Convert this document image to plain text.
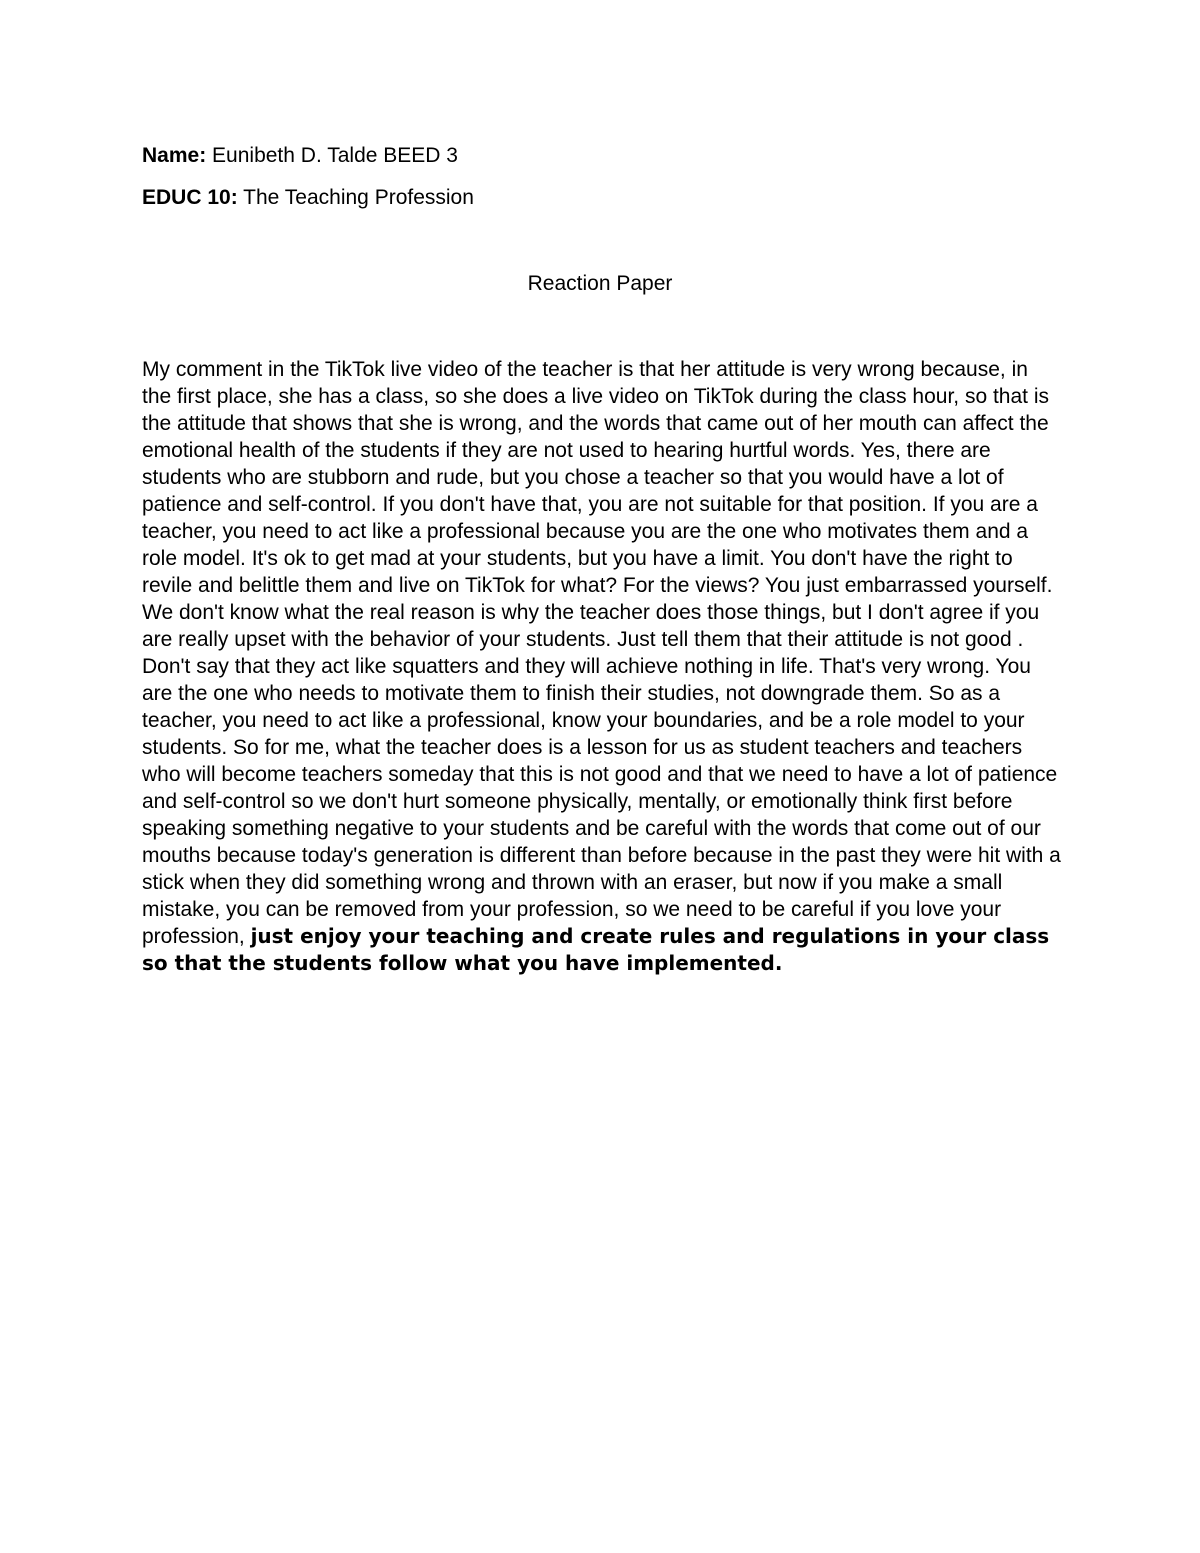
Name: Eunibeth D. Talde BEED 3
EDUC 10: The Teaching Profession
Reaction Paper

My comment in the TikTok live video of the teacher is that her attitude is very wrong because, in the first place, she has a class, so she does a live video on TikTok during the class hour, so that is the attitude that shows that she is wrong, and the words that came out of her mouth can affect the emotional health of the students if they are not used to hearing hurtful words. Yes, there are students who are stubborn and rude, but you chose a teacher so that you would have a lot of patience and self-control. If you don't have that, you are not suitable for that position. If you are a teacher, you need to act like a professional because you are the one who motivates them and a role model. It's ok to get mad at your students, but you have a limit. You don't have the right to revile and belittle them and live on TikTok for what? For the views? You just embarrassed yourself. We don't know what the real reason is why the teacher does those things, but I don't agree if you are really upset with the behavior of your students. Just tell them that their attitude is not good . Don't say that they act like squatters and they will achieve nothing in life. That's very wrong. You are the one who needs to motivate them to finish their studies, not downgrade them. So as a teacher, you need to act like a professional, know your boundaries, and be a role model to your students. So for me, what the teacher does is a lesson for us as student teachers and teachers who will become teachers someday that this is not good and that we need to have a lot of patience and self-control so we don't hurt someone physically, mentally, or emotionally think first before speaking something negative to your students and be careful with the words that come out of our mouths because today's generation is different than before because in the past they were hit with a stick when they did something wrong and thrown with an eraser, but now if you make a small mistake, you can be removed from your profession, so we need to be careful if you love your profession, just enjoy your teaching and create rules and regulations in your class so that the students follow what you have implemented.
